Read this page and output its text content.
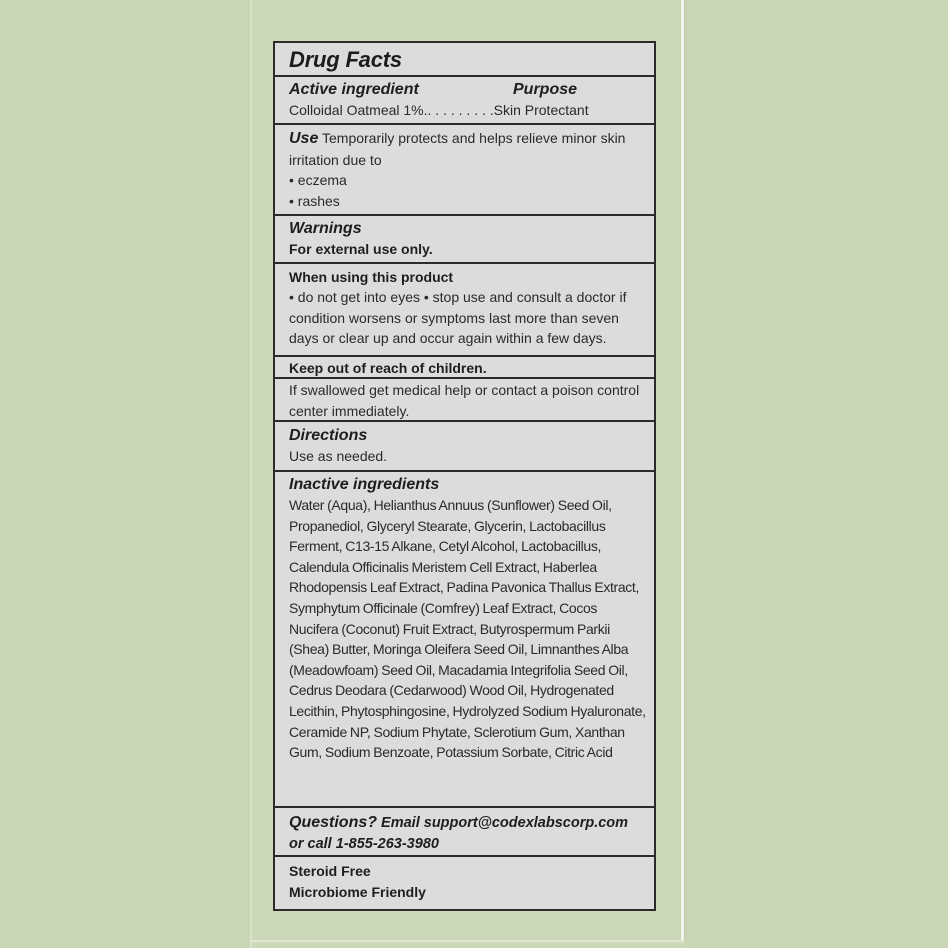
Drug Facts
Active ingredient	Purpose
Colloidal Oatmeal 1%.. . . . . . . . .Skin Protectant
Use Temporarily protects and helps relieve minor skin irritation due to
• eczema
• rashes
Warnings
For external use only.
When using this product
• do not get into eyes • stop use and consult a doctor if condition worsens or symptoms last more than seven days or clear up and occur again within a few days.
Keep out of reach of children.
If swallowed get medical help or contact a poison control center immediately.
Directions
Use as needed.
Inactive ingredients
Water (Aqua), Helianthus Annuus (Sunflower) Seed Oil, Propanediol, Glyceryl Stearate, Glycerin, Lactobacillus Ferment, C13-15 Alkane, Cetyl Alcohol, Lactobacillus, Calendula Officinalis Meristem Cell Extract, Haberlea Rhodopensis Leaf Extract, Padina Pavonica Thallus Extract, Symphytum Officinale (Comfrey) Leaf Extract, Cocos Nucifera (Coconut) Fruit Extract, Butyrospermum Parkii (Shea) Butter, Moringa Oleifera Seed Oil, Limnanthes Alba (Meadowfoam) Seed Oil, Macadamia Integrifolia Seed Oil, Cedrus Deodara (Cedarwood) Wood Oil, Hydrogenated Lecithin, Phytosphingosine, Hydrolyzed Sodium Hyaluronate, Ceramide NP, Sodium Phytate, Sclerotium Gum, Xanthan Gum, Sodium Benzoate, Potassium Sorbate, Citric Acid
Questions? Email support@codexlabscorp.com
or call 1-855-263-3980
Steroid Free
Microbiome Friendly
